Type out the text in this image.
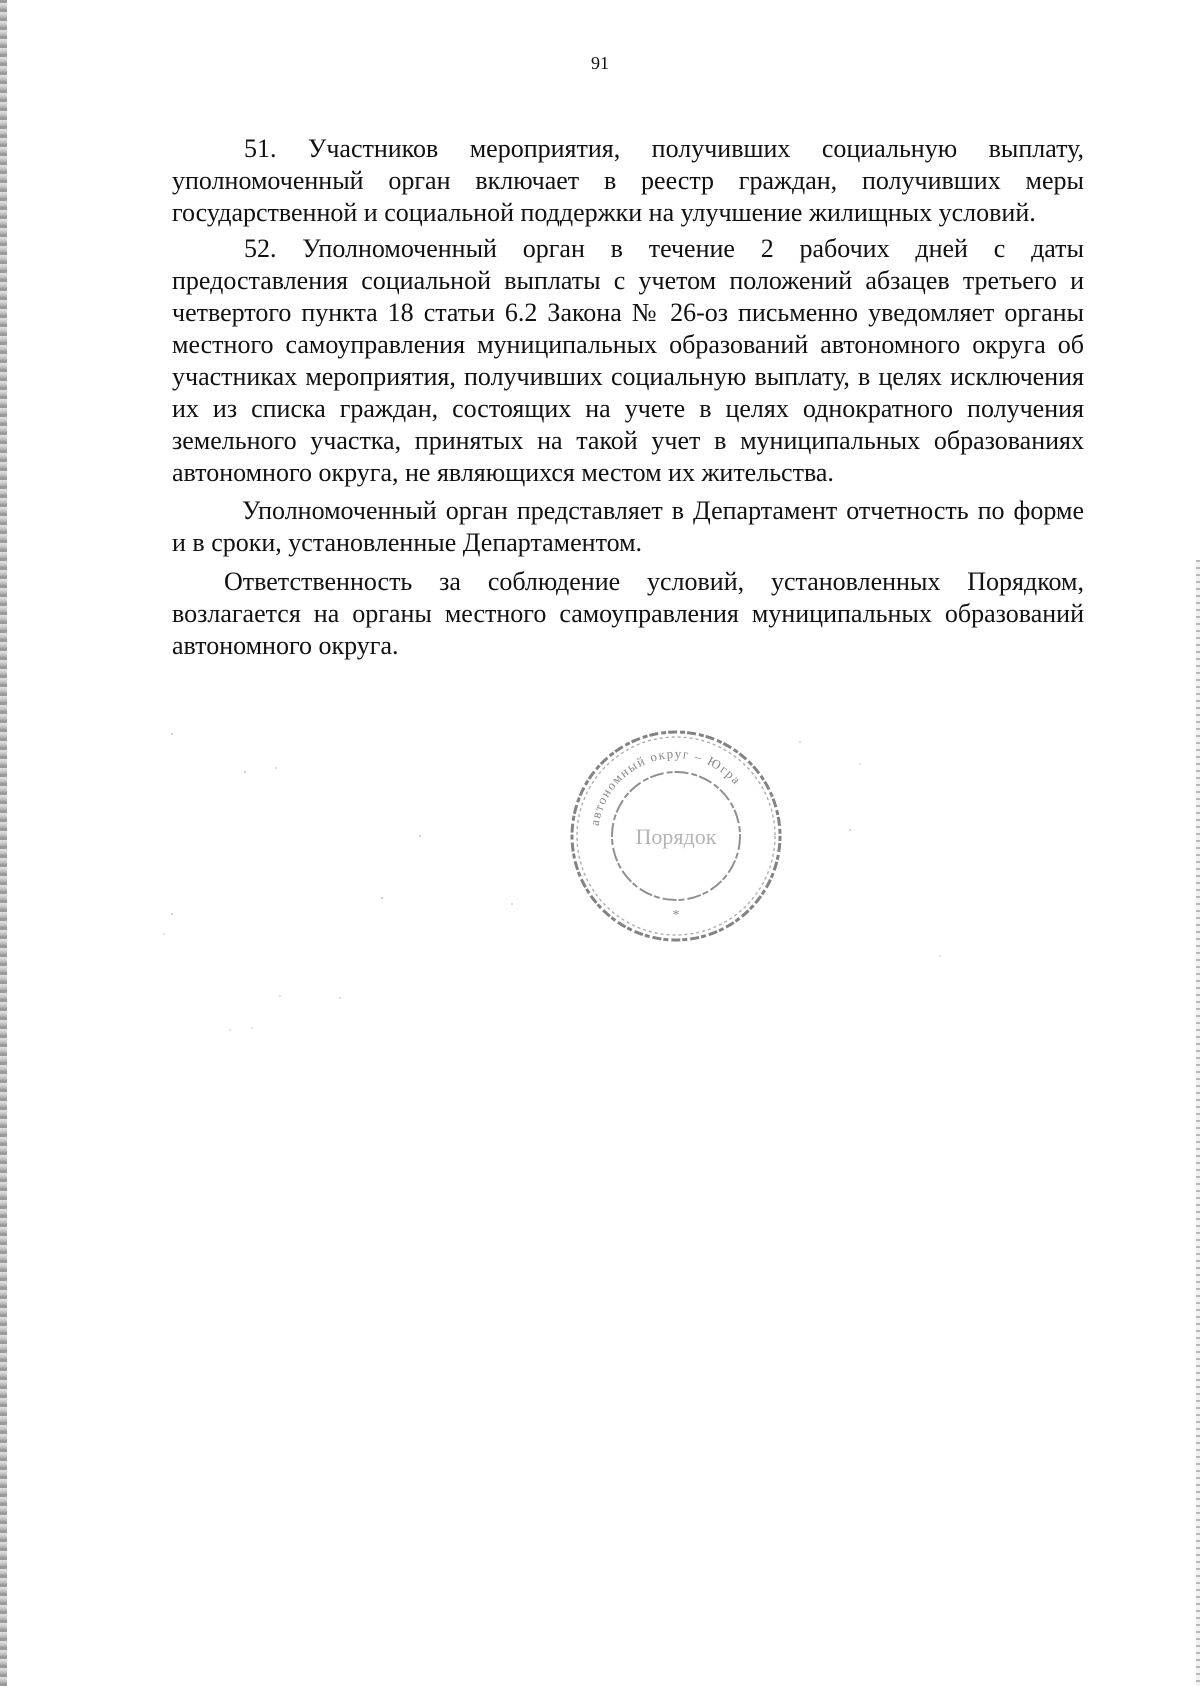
91

51. Участников мероприятия, получивших социальную выплату, уполномоченный орган включает в реестр граждан, получивших меры государственной и социальной поддержки на улучшение жилищных условий.

52. Уполномоченный орган в течение 2 рабочих дней с даты предоставления социальной выплаты с учетом положений абзацев третьего и четвертого пункта 18 статьи 6.2 Закона № 26-оз письменно уведомляет органы местного самоуправления муниципальных образований автономного округа об участниках мероприятия, получивших социальную выплату, в целях исключения их из списка граждан, состоящих на учете в целях однократного получения земельного участка, принятых на такой учет в муниципальных образованиях автономного округа, не являющихся местом их жительства.

Уполномоченный орган представляет в Департамент отчетность по форме и в сроки, установленные Департаментом.

Ответственность за соблюдение условий, установленных Порядком, возлагается на органы местного самоуправления муниципальных образований автономного округа.

автономный округ – Югра
Порядок
*
